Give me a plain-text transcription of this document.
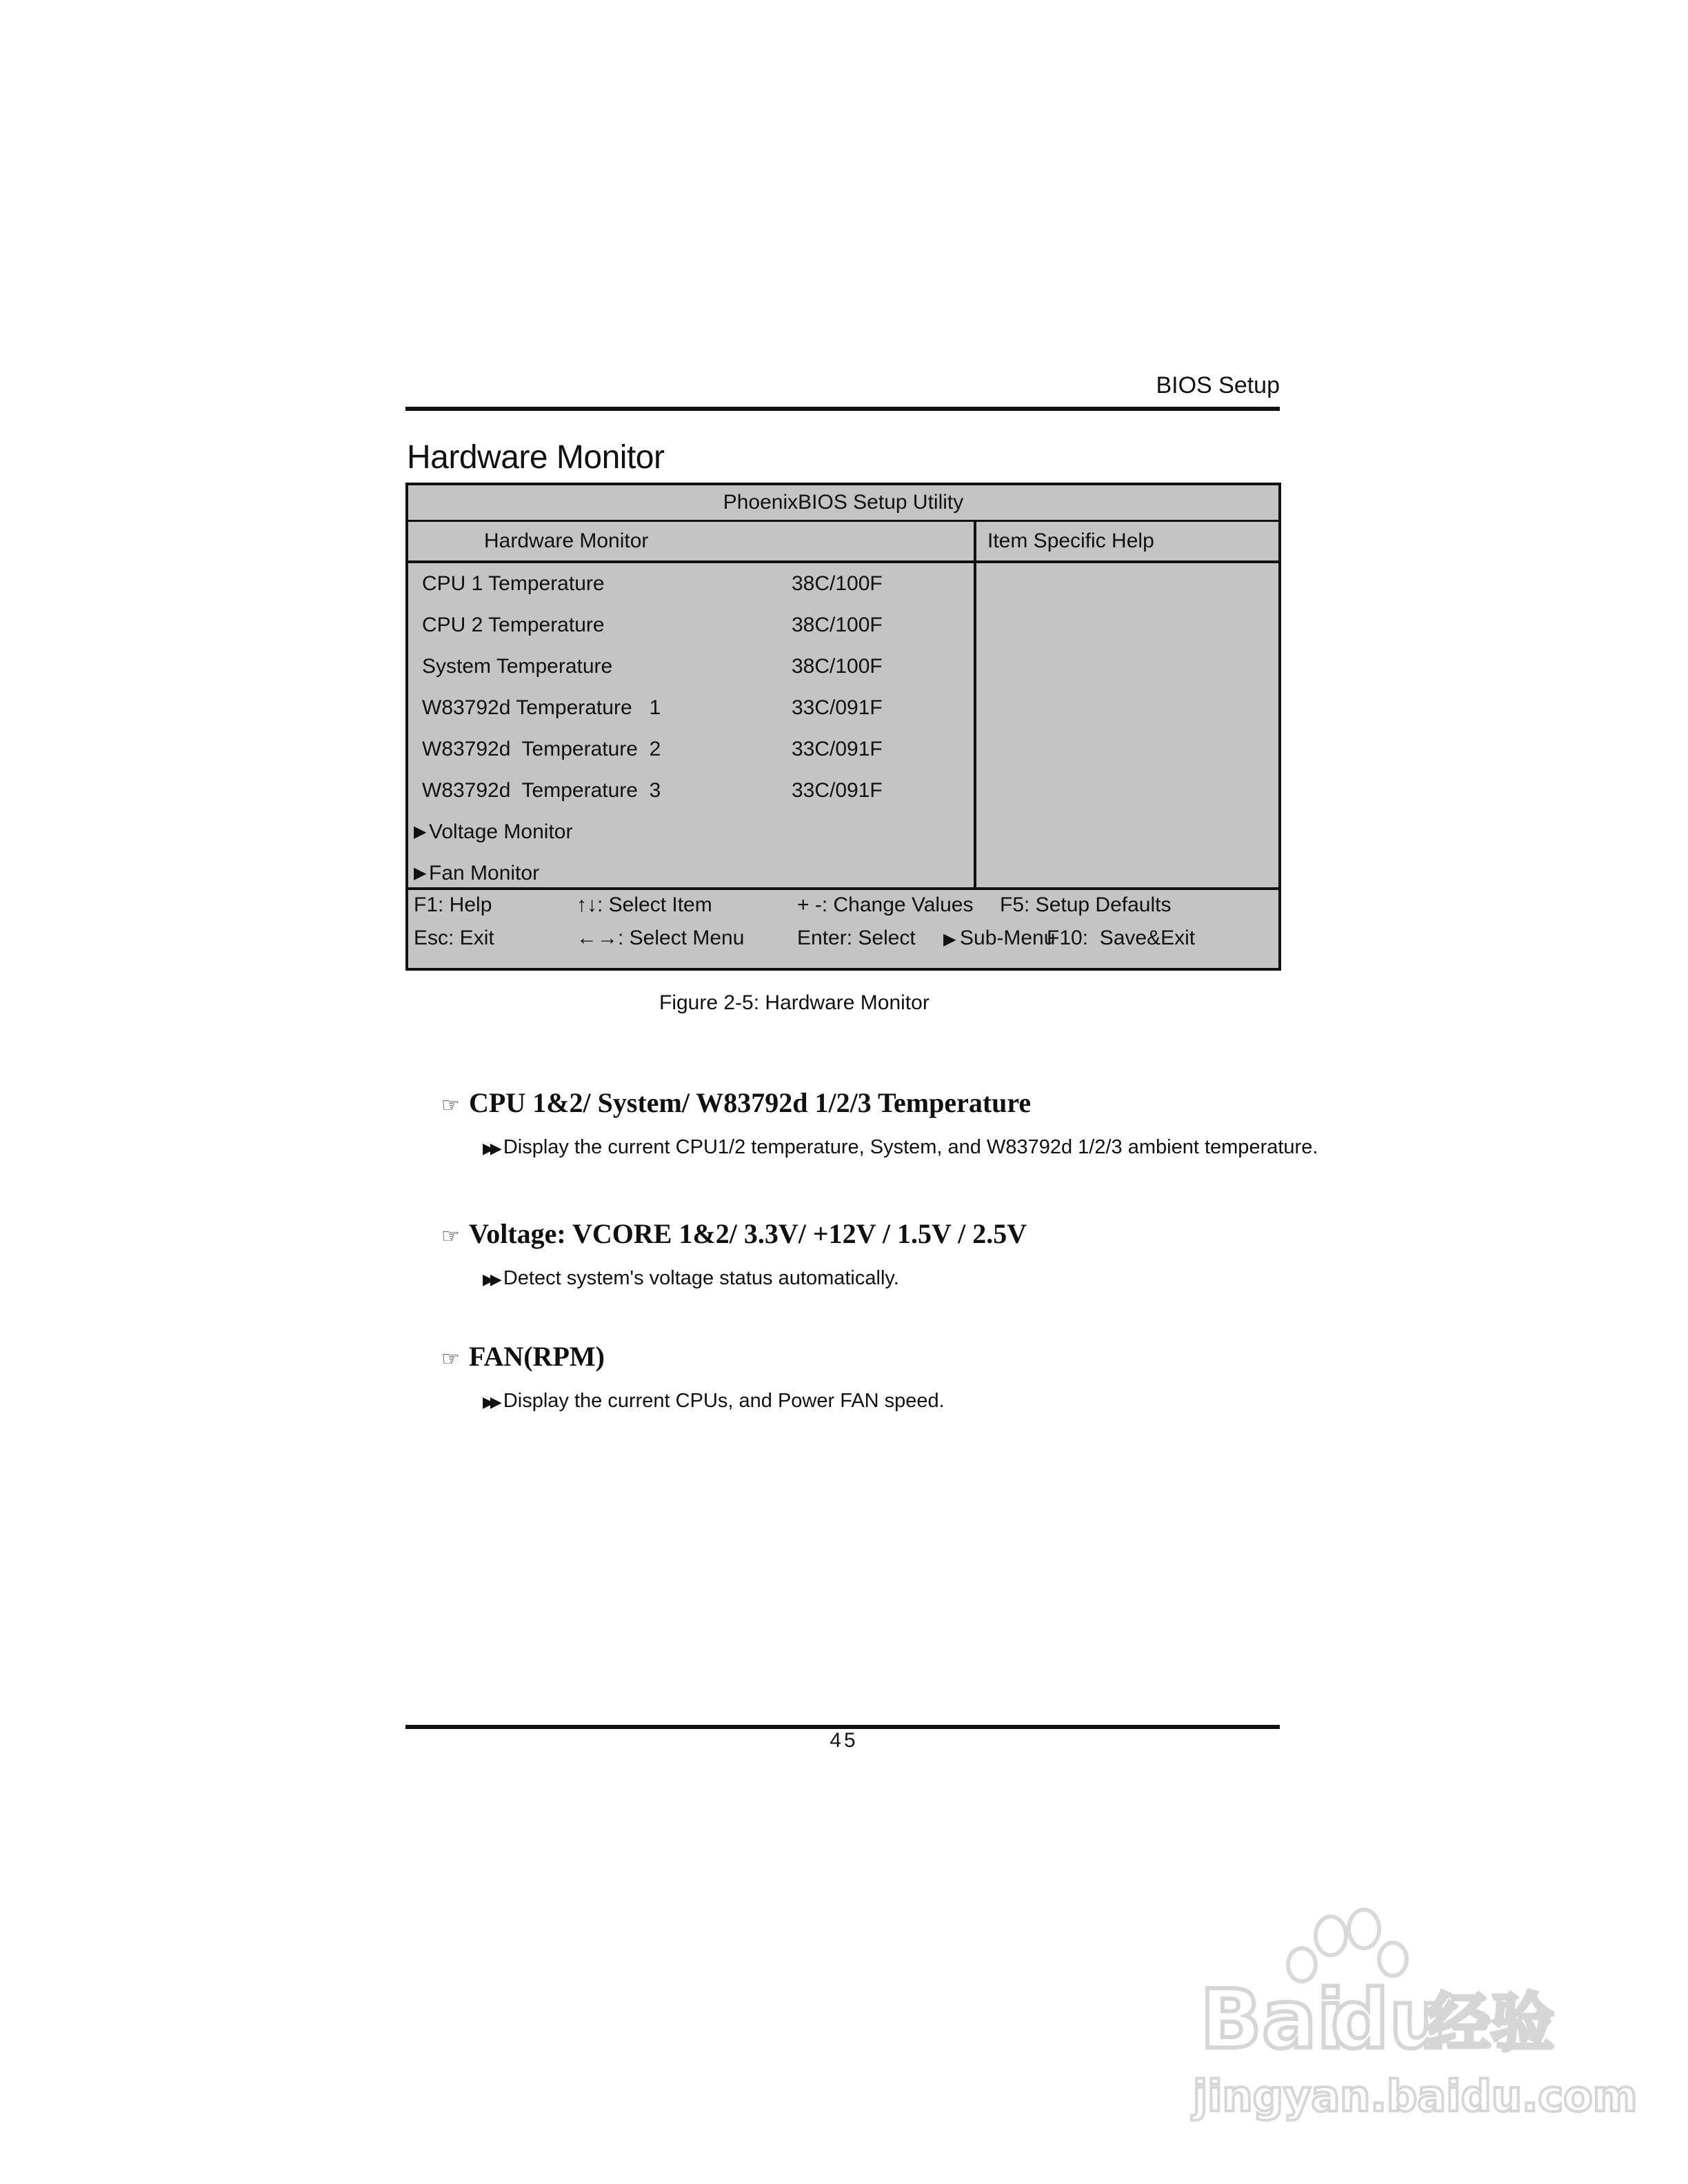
BIOS Setup
Hardware Monitor
PhoenixBIOS Setup Utility
Hardware Monitor	Item Specific Help
CPU 1 Temperature	38C/100F
CPU 2 Temperature	38C/100F
System Temperature	38C/100F
W83792d Temperature   1	33C/091F
W83792d  Temperature  2	33C/091F
W83792d  Temperature  3	33C/091F
▶ Voltage Monitor
▶ Fan Monitor
F1: Help	↑↓: Select Item	+ -: Change Values F5: Setup Defaults
Esc: Exit	←→: Select Menu	Enter: Select ▶ Sub-Menu
F10:  Save&Exit
Figure 2-5: Hardware Monitor
☞ CPU 1&2/ System/ W83792d 1/2/3 Temperature
▶▶ Display the current CPU1/2 temperature, System, and W83792d 1/2/3 ambient temperature.
☞ Voltage: VCORE 1&2/ 3.3V/ +12V / 1.5V / 2.5V
▶▶ Detect system's voltage status automatically.
☞ FAN(RPM)
▶▶ Display the current CPUs, and Power FAN speed.
45
Bai
du
经验
jingyan.baidu.com
